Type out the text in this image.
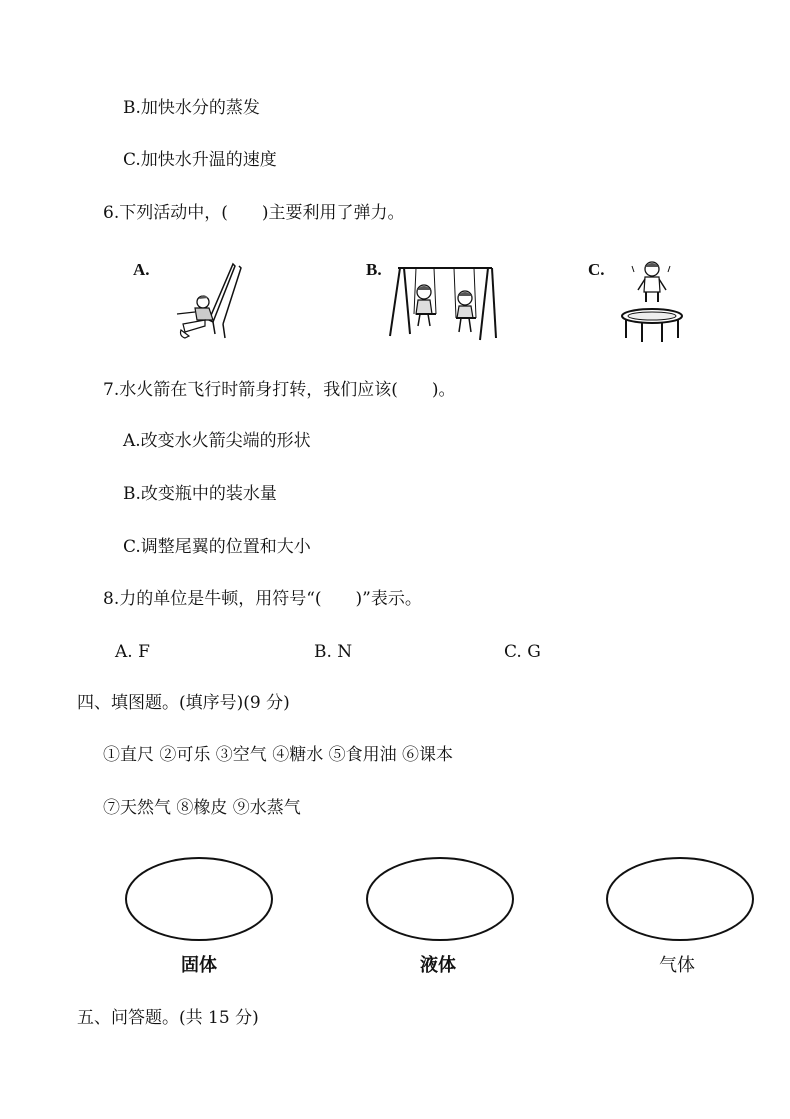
B.加快水分的蒸发
C.加快水升温的速度
6.下列活动中，(　　)主要利用了弹力。
A.	B.	C.
7.水火箭在飞行时箭身打转，我们应该(　　)。
A.改变水火箭尖端的形状
B.改变瓶中的装水量
C.调整尾翼的位置和大小
8.力的单位是牛顿，用符号“(　　)”表示。
A. F	B. N	C. G
四、填图题。(填序号)(9 分)
①直尺 ②可乐 ③空气 ④糖水 ⑤食用油 ⑥课本
⑦天然气 ⑧橡皮 ⑨水蒸气
固体	液体	气体
五、问答题。(共 15 分)
